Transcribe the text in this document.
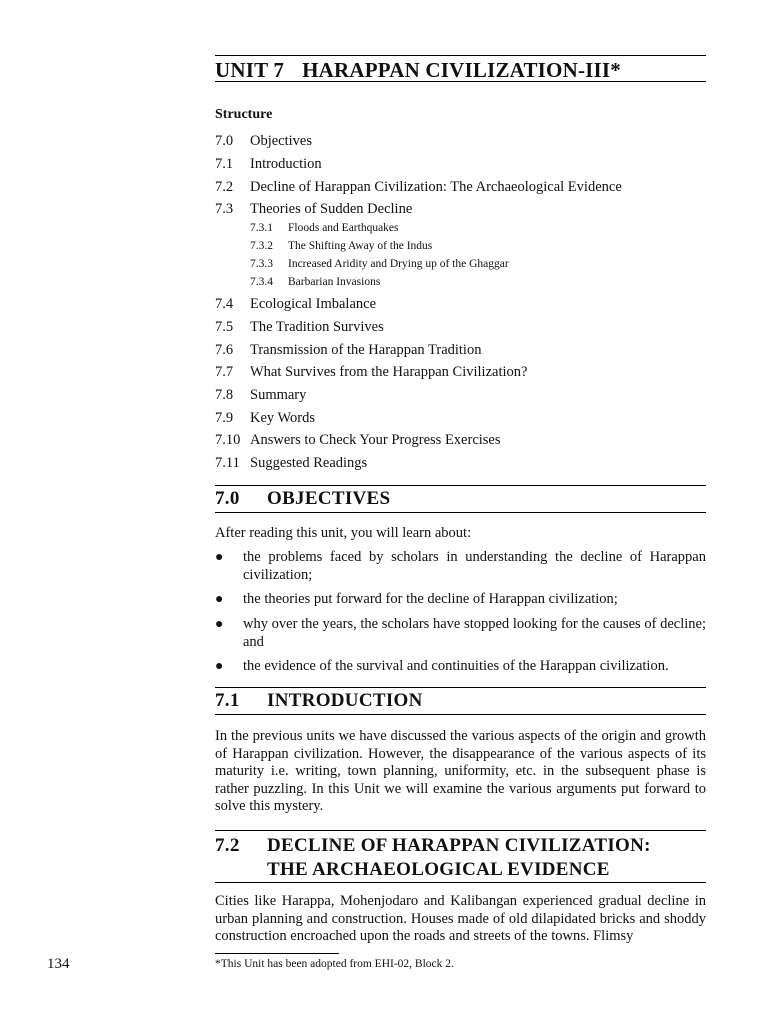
UNIT 7 HARAPPAN CIVILIZATION-III*
Structure
7.0 Objectives
7.1 Introduction
7.2 Decline of Harappan Civilization: The Archaeological Evidence
7.3 Theories of Sudden Decline
7.3.1 Floods and Earthquakes
7.3.2 The Shifting Away of the Indus
7.3.3 Increased Aridity and Drying up of the Ghaggar
7.3.4 Barbarian Invasions
7.4 Ecological Imbalance
7.5 The Tradition Survives
7.6 Transmission of the Harappan Tradition
7.7 What Survives from the Harappan Civilization?
7.8 Summary
7.9 Key Words
7.10 Answers to Check Your Progress Exercises
7.11 Suggested Readings
7.0 OBJECTIVES
After reading this unit, you will learn about:
● the problems faced by scholars in understanding the decline of Harappan civilization;
● the theories put forward for the decline of Harappan civilization;
● why over the years, the scholars have stopped looking for the causes of decline; and
● the evidence of the survival and continuities of the Harappan civilization.
7.1 INTRODUCTION
In the previous units we have discussed the various aspects of the origin and growth of Harappan civilization. However, the disappearance of the various aspects of its maturity i.e. writing, town planning, uniformity, etc. in the subsequent phase is rather puzzling. In this Unit we will examine the various arguments put forward to solve this mystery.
7.2 DECLINE OF HARAPPAN CIVILIZATION:
THE ARCHAEOLOGICAL EVIDENCE
Cities like Harappa, Mohenjodaro and Kalibangan experienced gradual decline in urban planning and construction. Houses made of old dilapidated bricks and shoddy construction encroached upon the roads and streets of the towns. Flimsy
134	*This Unit has been adopted from EHI-02, Block 2.
